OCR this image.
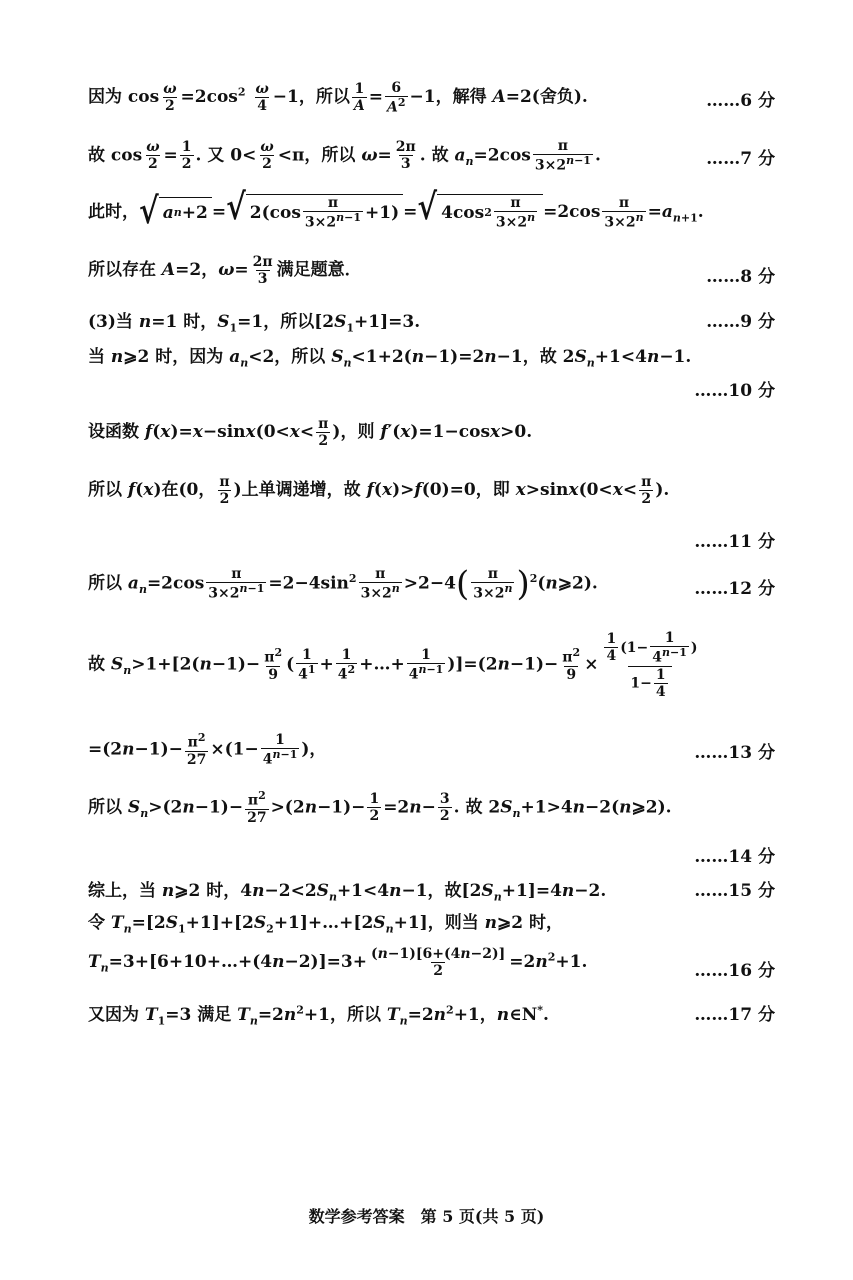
因为 $\cos \frac{\omega}{2} =2\cos^2 \frac{\omega}{4} -1$，所以 $\frac{1}{A} = \frac{6}{A^2} -1$，解得 A=2(舍负).	……6 分
故 $\cos \frac{\omega}{2} = \frac{1}{2}$ . 又 $0< \frac{\omega}{2} <\pi$，所以 $\omega= \frac{2\pi}{3}$ . 故 $a_n=2\cos \frac{\pi}{3\times 2^{n-1}}$ .	……7 分
此时， √ a n +2 = √ $2(\cos \frac{\pi}{3\times 2^{n-1}} +1)$ = √ 4cos $2 \frac{\pi}{3\times 2^n} =2\cos \frac{\pi}{3\times 2^n} =a_{n+1}$.
所以存在 A=2，$\omega= \frac{2\pi}{3}$ 满足题意．	……8 分
(3)当 n=1 时，$S_1=1$，所以$[2S_1+1]=3$.	……9 分
当 n⩾2 时，因为 $a_n<2$，所以 $S_n<1+2(n-1)=2n-1$，故 $2S_n+1<4n-1$.
……10 分
设函数 $f(x)=x-\sin x(0<x< \frac{\pi}{2}$ )，则 f′(x)=1−cosx>0.
所以 f(x)在(0， $\frac{\pi}{2}$ )上单调递增，故 f(x)>f(0)=0，即 $x>\sin x(0<x< \frac{\pi}{2}$ ).
……11 分
所以 $a_n=2\cos \frac{\pi}{3\times 2^{n-1}} =2-4\sin^2 \frac{\pi}{3\times 2^n} >2-4( \frac{\pi}{3\times 2^n}$ )$^2(n⩾2)$.	……12 分
故 $S_n>1+[2(n-1)- \frac{\pi^2}{9}$ ( $\frac{1}{4^1} + \frac{1}{4^2}$ +…+ $\frac{1}{4^{n-1}} )]=(2n-1)- \frac{\pi^2}{9} \times \frac{\frac{1}{4} (1- \frac{1}{4^{n-1}} )}{1- \frac{1}{4}}$
$=(2n-1)- \frac{\pi^2}{27} \times(1- \frac{1}{4^{n-1}}$ )，	……13 分
所以 $S_n>(2n-1)- \frac{\pi^2}{27} >(2n-1)- \frac{1}{2} =2n- \frac{3}{2}$ . 故 $2S_n+1>4n-2(n⩾2)$.
……14 分
综上，当 n⩾2 时，$4n-2<2S_n+1<4n-1$，故$[2S_n+1]=4n-2$.	……15 分
令 $T_n=[2S_1+1]+[2S_2+1]+\dots+[2S_n+1]$，则当 n⩾2 时，
$T_n=3+[6+10+\dots+(4n-2)]=3+ \frac{(n-1)[6+(4n-2)]}{2} =2n^2+1$.	……16 分
又因为 $T_1=3$ 满足 $T_n=2n^2+1$，所以 $T_n=2n^2+1$，n∈N*.	……17 分
数学参考答案　第 5 页(共 5 页)
